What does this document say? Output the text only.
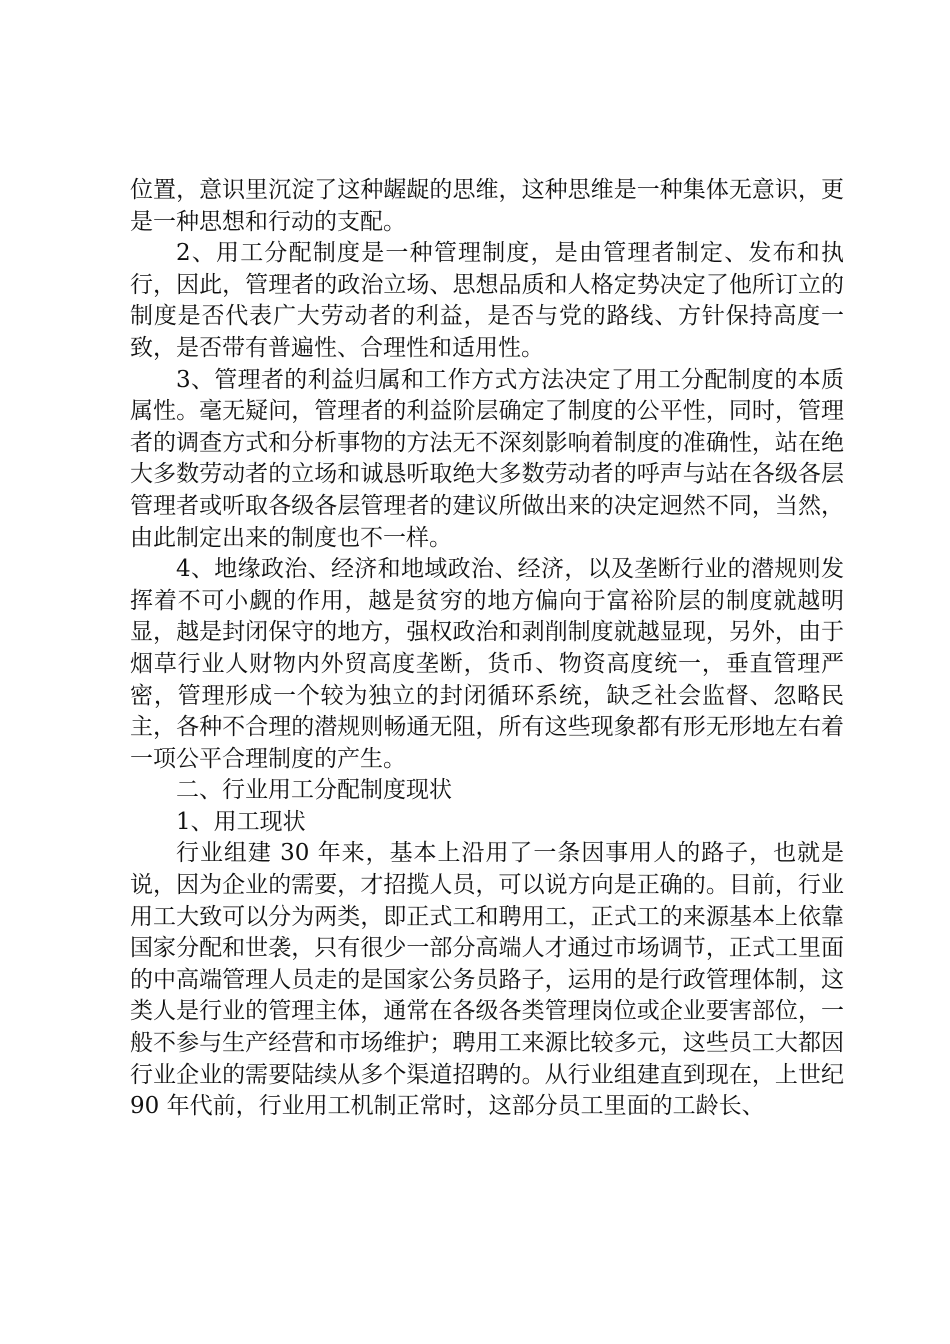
位置，意识里沉淀了这种龌龊的思维，这种思维是一种集体无意识，更是一种思想和行动的支配。

2、用工分配制度是一种管理制度，是由管理者制定、发布和执行，因此，管理者的政治立场、思想品质和人格定势决定了他所订立的制度是否代表广大劳动者的利益，是否与党的路线、方针保持高度一致，是否带有普遍性、合理性和适用性。

3、管理者的利益归属和工作方式方法决定了用工分配制度的本质属性。毫无疑问，管理者的利益阶层确定了制度的公平性，同时，管理者的调查方式和分析事物的方法无不深刻影响着制度的准确性，站在绝大多数劳动者的立场和诚恳听取绝大多数劳动者的呼声与站在各级各层管理者或听取各级各层管理者的建议所做出来的决定迥然不同，当然，由此制定出来的制度也不一样。

4、地缘政治、经济和地域政治、经济，以及垄断行业的潜规则发挥着不可小觑的作用，越是贫穷的地方偏向于富裕阶层的制度就越明显，越是封闭保守的地方，强权政治和剥削制度就越显现，另外，由于烟草行业人财物内外贸高度垄断，货币、物资高度统一，垂直管理严密，管理形成一个较为独立的封闭循环系统，缺乏社会监督、忽略民主，各种不合理的潜规则畅通无阻，所有这些现象都有形无形地左右着一项公平合理制度的产生。

二、行业用工分配制度现状

1、用工现状

行业组建 30 年来，基本上沿用了一条因事用人的路子，也就是说，因为企业的需要，才招揽人员，可以说方向是正确的。目前，行业用工大致可以分为两类，即正式工和聘用工，正式工的来源基本上依靠国家分配和世袭，只有很少一部分高端人才通过市场调节，正式工里面的中高端管理人员走的是国家公务员路子，运用的是行政管理体制，这类人是行业的管理主体，通常在各级各类管理岗位或企业要害部位，一般不参与生产经营和市场维护；聘用工来源比较多元，这些员工大都因行业企业的需要陆续从多个渠道招聘的。从行业组建直到现在，上世纪 90 年代前，行业用工机制正常时，这部分员工里面的工龄长、
